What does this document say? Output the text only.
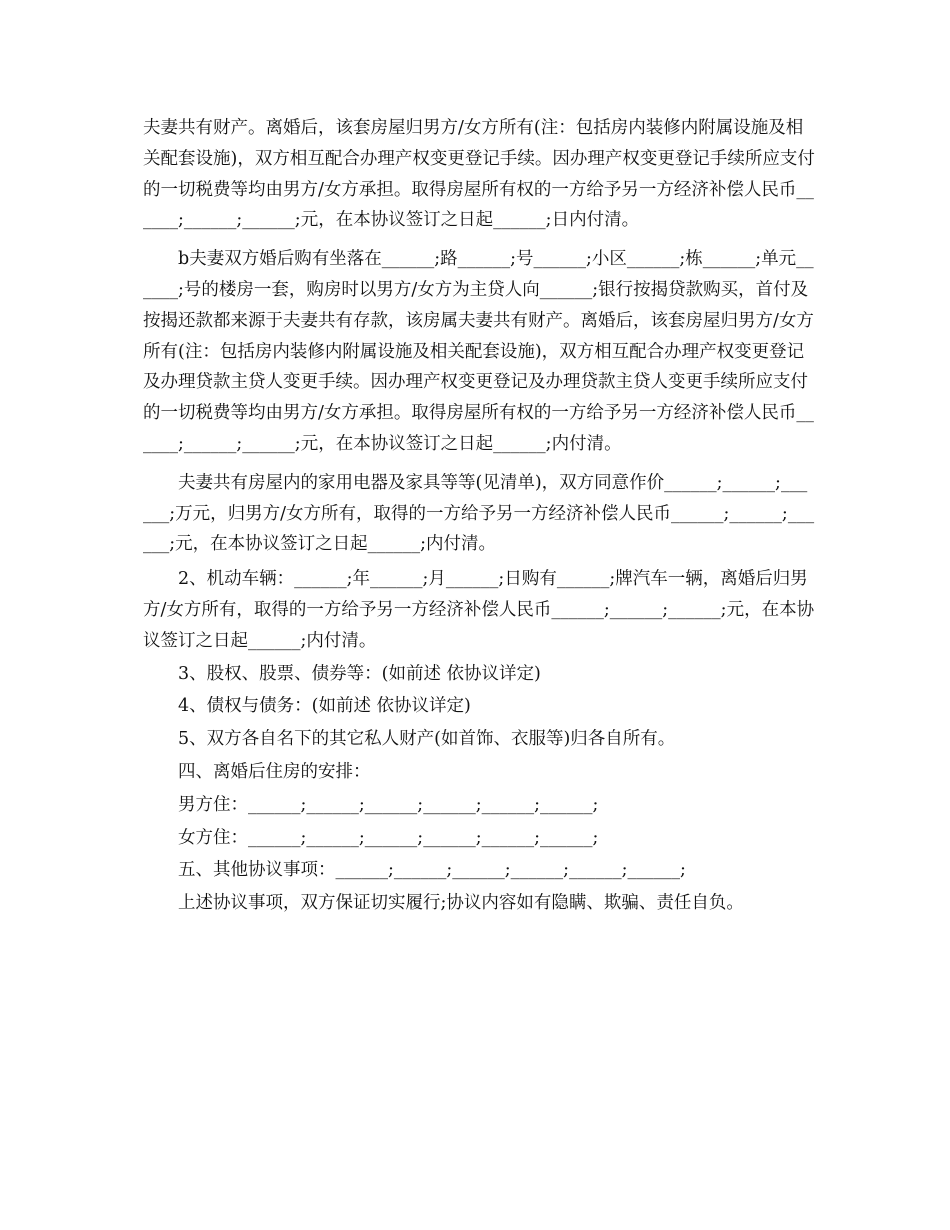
夫妻共有财产。离婚后，该套房屋归男方/女方所有(注：包括房内装修内附属设施及相关配套设施)，双方相互配合办理产权变更登记手续。因办理产权变更登记手续所应支付的一切税费等均由男方/女方承担。取得房屋所有权的一方给予另一方经济补偿人民币______;______;______;元，在本协议签订之日起______;日内付清。

b夫妻双方婚后购有坐落在______;路______;号______;小区______;栋______;单元______;号的楼房一套，购房时以男方/女方为主贷人向______;银行按揭贷款购买，首付及按揭还款都来源于夫妻共有存款，该房属夫妻共有财产。离婚后，该套房屋归男方/女方所有(注：包括房内装修内附属设施及相关配套设施)，双方相互配合办理产权变更登记及办理贷款主贷人变更手续。因办理产权变更登记及办理贷款主贷人变更手续所应支付的一切税费等均由男方/女方承担。取得房屋所有权的一方给予另一方经济补偿人民币______;______;______;元，在本协议签订之日起______;内付清。

夫妻共有房屋内的家用电器及家具等等(见清单)，双方同意作价______;______;______;万元，归男方/女方所有，取得的一方给予另一方经济补偿人民币______;______;______;元，在本协议签订之日起______;内付清。

2、机动车辆：______;年______;月______;日购有______;牌汽车一辆，离婚后归男方/女方所有，取得的一方给予另一方经济补偿人民币______;______;______;元，在本协议签订之日起______;内付清。

3、股权、股票、债券等：(如前述 依协议详定)

4、债权与债务：(如前述 依协议详定)

5、双方各自名下的其它私人财产(如首饰、衣服等)归各自所有。

四、离婚后住房的安排：

男方住：______;______;______;______;______;______;

女方住：______;______;______;______;______;______;

五、其他协议事项：______;______;______;______;______;______;

上述协议事项，双方保证切实履行;协议内容如有隐瞒、欺骗、责任自负。
